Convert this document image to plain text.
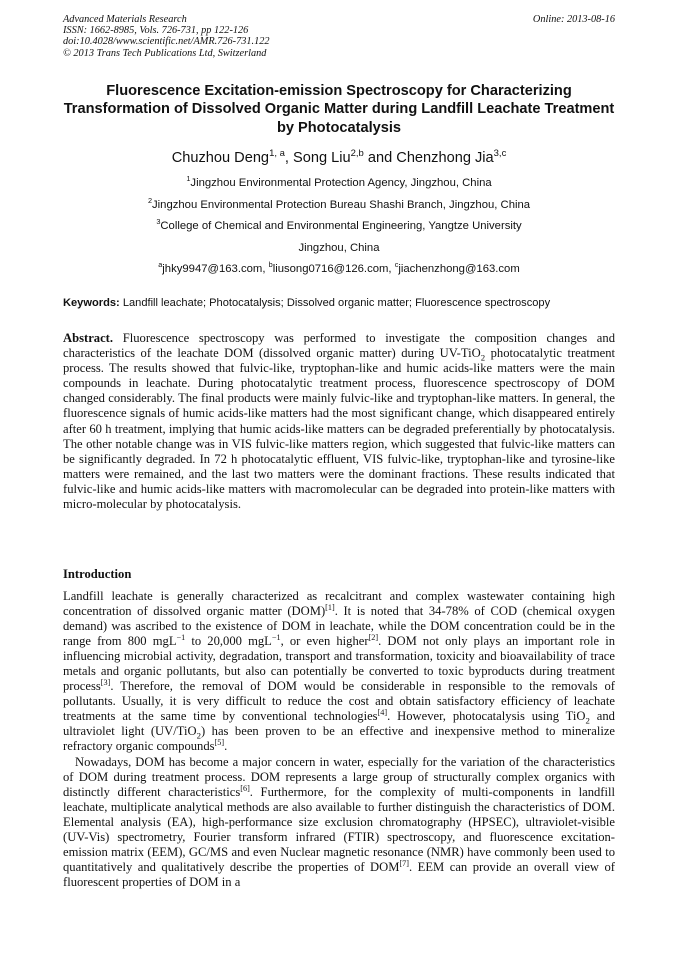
Advanced Materials Research
ISSN: 1662-8985, Vols. 726-731, pp 122-126
doi:10.4028/www.scientific.net/AMR.726-731.122
© 2013 Trans Tech Publications Ltd, Switzerland
Online: 2013-08-16
Fluorescence Excitation-emission Spectroscopy for Characterizing Transformation of Dissolved Organic Matter during Landfill Leachate Treatment by Photocatalysis
Chuzhou Deng$^{1, a}$, Song Liu$^{2,b}$ and Chenzhong Jia$^{3,c}$
$^1$Jingzhou Environmental Protection Agency, Jingzhou, China
$^2$Jingzhou Environmental Protection Bureau Shashi Branch, Jingzhou, China
$^3$College of Chemical and Environmental Engineering, Yangtze University
Jingzhou, China
$^a$jhky9947@163.com, $^b$liusong0716@126.com, $^c$jiachenzhong@163.com
Keywords: Landfill leachate; Photocatalysis; Dissolved organic matter; Fluorescence spectroscopy
Abstract. Fluorescence spectroscopy was performed to investigate the composition changes and characteristics of the leachate DOM (dissolved organic matter) during UV-TiO$_2$ photocatalytic treatment process. The results showed that fulvic-like, tryptophan-like and humic acids-like matters were the main compounds in leachate. During photocatalytic treatment process, fluorescence spectroscopy of DOM changed considerably. The final products were mainly fulvic-like and tryptophan-like matters. In general, the fluorescence signals of humic acids-like matters had the most significant change, which disappeared entirely after 60 h treatment, implying that humic acids-like matters can be degraded preferentially by photocatalysis. The other notable change was in VIS fulvic-like matters region, which suggested that fulvic-like matters can be significantly degraded. In 72 h photocatalytic effluent, VIS fulvic-like, tryptophan-like and tyrosine-like matters were remained, and the last two matters were the dominant fractions. These results indicated that fulvic-like and humic acids-like matters with macromolecular can be degraded into protein-like matters with micro-molecular by photocatalysis.
Introduction

Landfill leachate is generally characterized as recalcitrant and complex wastewater containing high concentration of dissolved organic matter (DOM)[1]. It is noted that 34-78% of COD (chemical oxygen demand) was ascribed to the existence of DOM in leachate, while the DOM concentration could be in the range from 800 mgL$^{-1}$ to 20,000 mgL$^{-1}$, or even higher[2]. DOM not only plays an important role in influencing microbial activity, degradation, transport and transformation, toxicity and bioavailability of trace metals and organic pollutants, but also can potentially be converted to toxic byproducts during treatment process[3]. Therefore, the removal of DOM would be considerable in responsible to the removals of pollutants. Usually, it is very difficult to reduce the cost and obtain satisfactory efficiency of leachate treatments at the same time by conventional technologies[4]. However, photocatalysis using TiO$_2$ and ultraviolet light (UV/TiO$_2$) has been proven to be an effective and inexpensive method to mineralize refractory organic compounds[5].

Nowadays, DOM has become a major concern in water, especially for the variation of the characteristics of DOM during treatment process. DOM represents a large group of structurally complex organics with distinctly different characteristics[6]. Furthermore, for the complexity of multi-components in landfill leachate, multiplicate analytical methods are also available to further distinguish the characteristics of DOM. Elemental analysis (EA), high-performance size exclusion chromatography (HPSEC), ultraviolet-visible (UV-Vis) spectrometry, Fourier transform infrared (FTIR) spectroscopy, and fluorescence excitation-emission matrix (EEM), GC/MS and even Nuclear magnetic resonance (NMR) have commonly been used to quantitatively and qualitatively describe the properties of DOM[7]. EEM can provide an overall view of fluorescent properties of DOM in a
